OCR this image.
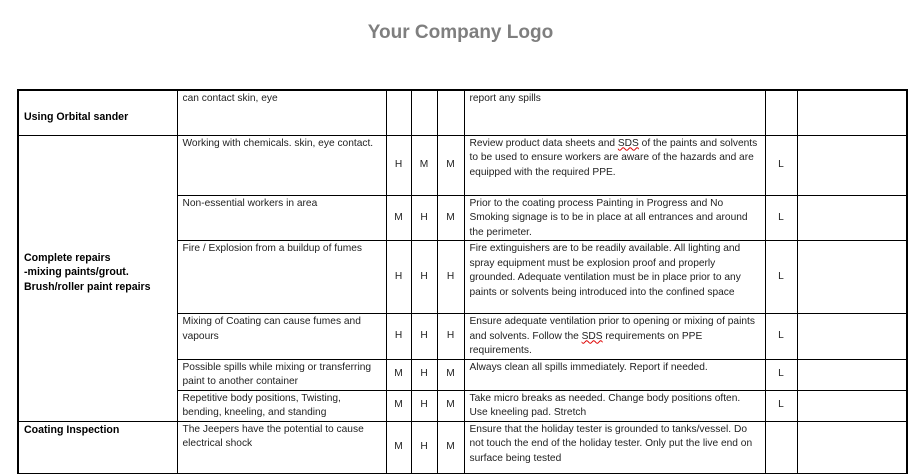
Your Company Logo
Using Orbital sander	can contact skin, eye				report any spills		
Complete repairs
-mixing paints/grout.
Brush/roller paint repairs	Working with chemicals. skin, eye contact.	H	M	M	Review product data sheets and SDS of the paints and solvents to be used to ensure workers are aware of the hazards and are equipped with the required PPE.	L	
	Non-essential workers in area	M	H	M	Prior to the coating process Painting in Progress and No Smoking signage is to be in place at all entrances and around the perimeter.	L	
	Fire / Explosion from a buildup of fumes	H	H	H	Fire extinguishers are to be readily available. All lighting and spray equipment must be explosion proof and properly grounded. Adequate ventilation must be in place prior to any paints or solvents being introduced into the confined space	L	
	Mixing of Coating can cause fumes and vapours	H	H	H	Ensure adequate ventilation prior to opening or mixing of paints and solvents. Follow the SDS requirements on PPE requirements.	L	
	Possible spills while mixing or transferring paint to another container	M	H	M	Always clean all spills immediately. Report if needed.	L	
	Repetitive body positions, Twisting, bending, kneeling, and standing	M	H	M	Take micro breaks as needed. Change body positions often. Use kneeling pad. Stretch	L	
Coating Inspection	The Jeepers have the potential to cause electrical shock	M	H	M	Ensure that the holiday tester is grounded to tanks/vessel. Do not touch the end of the holiday tester. Only put the live end on surface being tested		
